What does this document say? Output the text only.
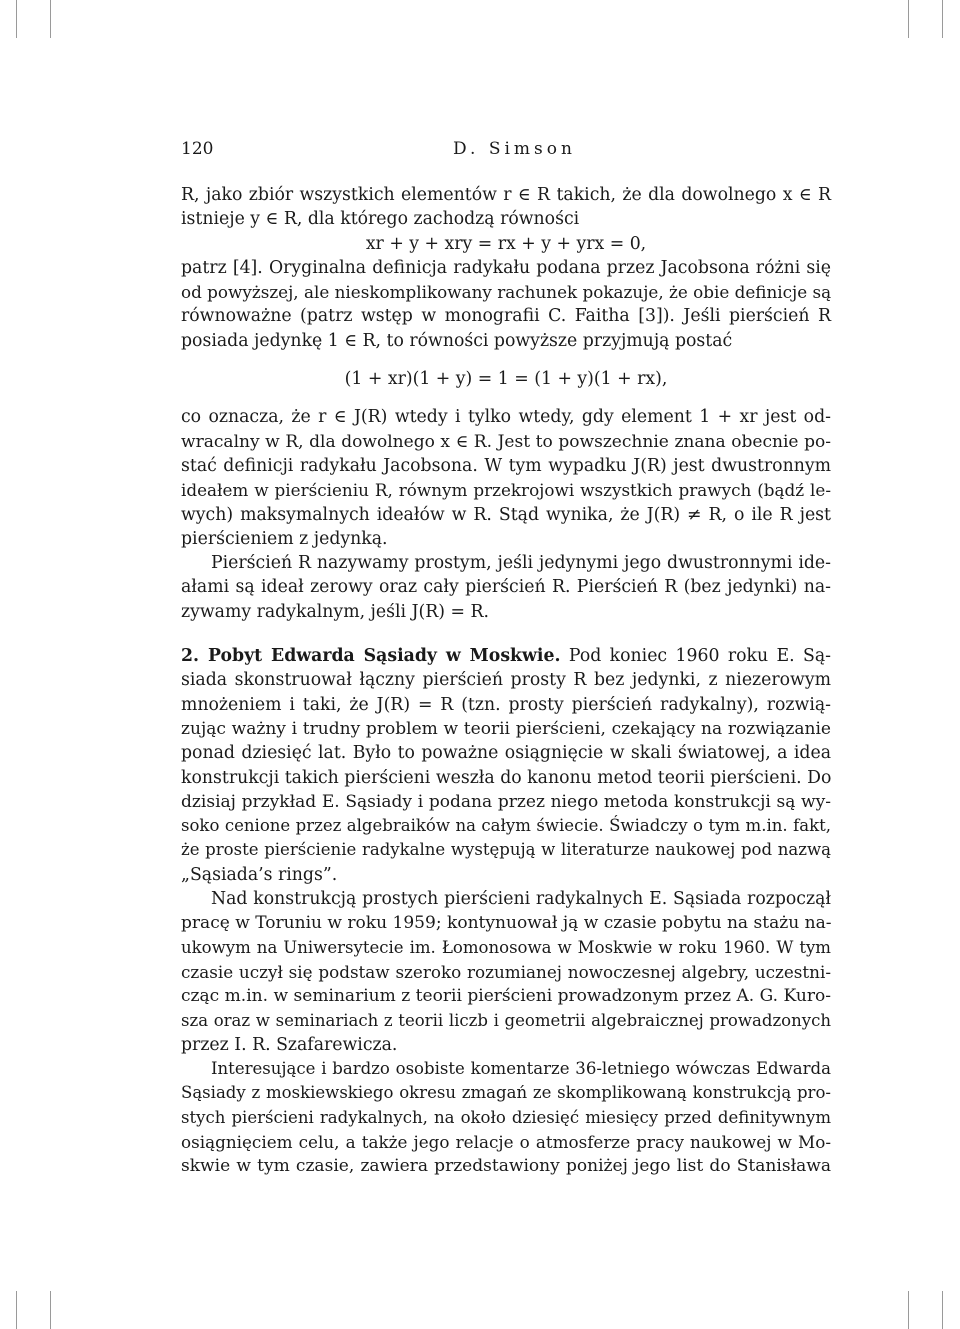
120	D. Simson
R, jako zbiór wszystkich elementów r ∈ R takich, że dla dowolnego x ∈ R
istnieje y ∈ R, dla którego zachodzą równości
xr + y + xry = rx + y + yrx = 0,
patrz [4]. Oryginalna definicja radykału podana przez Jacobsona różni się
od powyższej, ale nieskomplikowany rachunek pokazuje, że obie definicje są
równoważne (patrz wstęp w monografii C. Faitha [3]). Jeśli pierścień R
posiada jedynkę 1 ∈ R, to równości powyższe przyjmują postać
(1 + xr)(1 + y) = 1 = (1 + y)(1 + rx),
co oznacza, że r ∈ J(R) wtedy i tylko wtedy, gdy element 1 + xr jest od-
wracalny w R, dla dowolnego x ∈ R. Jest to powszechnie znana obecnie po-
stać definicji radykału Jacobsona. W tym wypadku J(R) jest dwustronnym
ideałem w pierścieniu R, równym przekrojowi wszystkich prawych (bądź le-
wych) maksymalnych ideałów w R. Stąd wynika, że J(R) ≠ R, o ile R jest
pierścieniem z jedynką.
Pierścień R nazywamy prostym, jeśli jedynymi jego dwustronnymi ide-
ałami są ideał zerowy oraz cały pierścień R. Pierścień R (bez jedynki) na-
zywamy radykalnym, jeśli J(R) = R.
2. Pobyt Edwarda Sąsiady w Moskwie. Pod koniec 1960 roku E. Są-
siada skonstruował łączny pierścień prosty R bez jedynki, z niezerowym
mnożeniem i taki, że J(R) = R (tzn. prosty pierścień radykalny), rozwią-
zując ważny i trudny problem w teorii pierścieni, czekający na rozwiązanie
ponad dziesięć lat. Było to poważne osiągnięcie w skali światowej, a idea
konstrukcji takich pierścieni weszła do kanonu metod teorii pierścieni. Do
dzisiaj przykład E. Sąsiady i podana przez niego metoda konstrukcji są wy-
soko cenione przez algebraików na całym świecie. Świadczy o tym m.in. fakt,
że proste pierścienie radykalne występują w literaturze naukowej pod nazwą
„Sąsiada’s rings”.
Nad konstrukcją prostych pierścieni radykalnych E. Sąsiada rozpoczął
pracę w Toruniu w roku 1959; kontynuował ją w czasie pobytu na stażu na-
ukowym na Uniwersytecie im. Łomonosowa w Moskwie w roku 1960. W tym
czasie uczył się podstaw szeroko rozumianej nowoczesnej algebry, uczestni-
cząc m.in. w seminarium z teorii pierścieni prowadzonym przez A. G. Kuro-
sza oraz w seminariach z teorii liczb i geometrii algebraicznej prowadzonych
przez I. R. Szafarewicza.
Interesujące i bardzo osobiste komentarze 36-letniego wówczas Edwarda
Sąsiady z moskiewskiego okresu zmagań ze skomplikowaną konstrukcją pro-
stych pierścieni radykalnych, na około dziesięć miesięcy przed definitywnym
osiągnięciem celu, a także jego relacje o atmosferze pracy naukowej w Mo-
skwie w tym czasie, zawiera przedstawiony poniżej jego list do Stanisława
